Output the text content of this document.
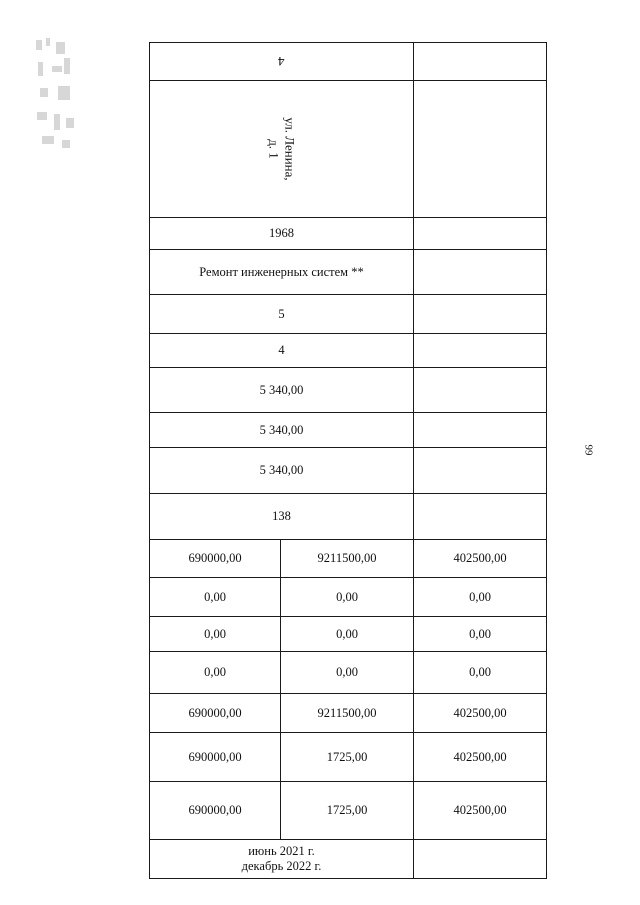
4		
ул. Ленина,
д. 1		
1968		
Ремонт инженерных систем **		
5		
4		
5 340,00		
5 340,00		
5 340,00		
138		
690000,00	9211500,00	402500,00
0,00	0,00	0,00
0,00	0,00	0,00
0,00	0,00	0,00
690000,00	9211500,00	402500,00
690000,00	1725,00	402500,00
690000,00	1725,00	402500,00
июнь 2021 г.
декабрь 2022 г.		
99
